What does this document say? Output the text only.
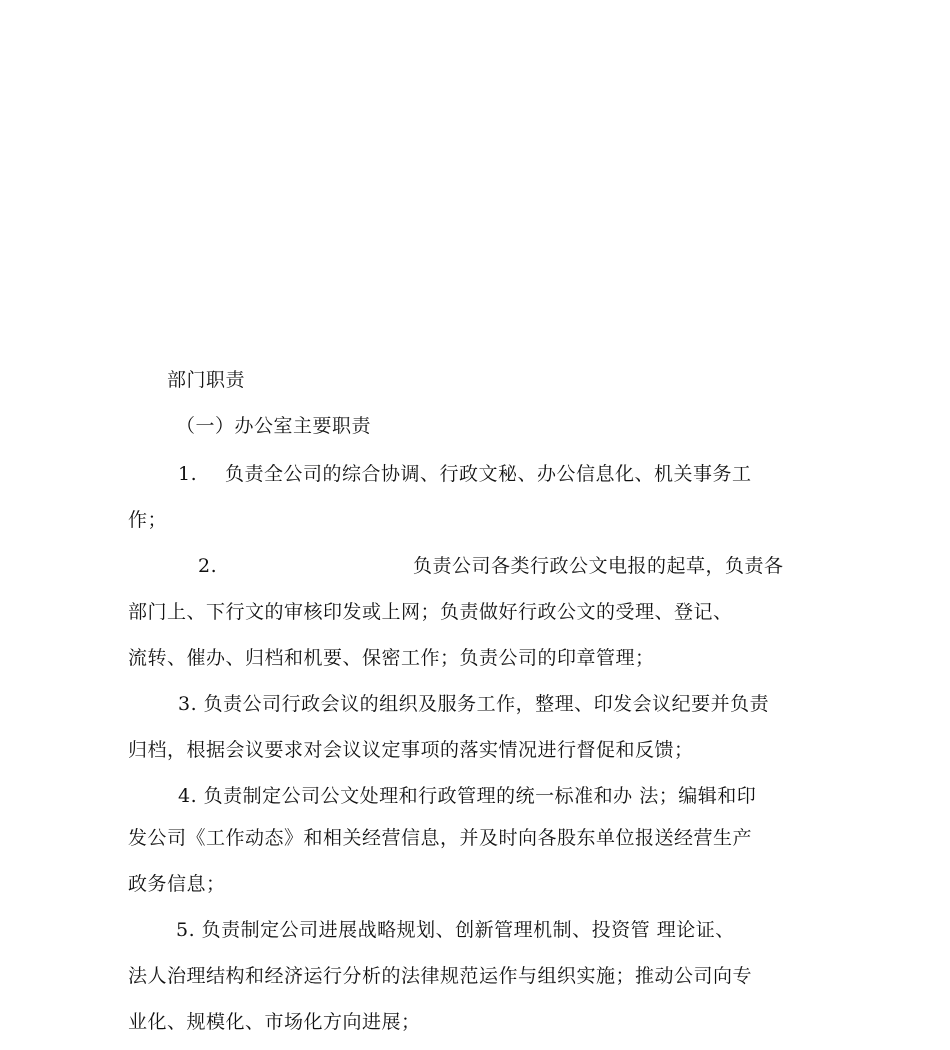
部门职责
（一）办公室主要职责
1. 负责全公司的综合协调、行政文秘、办公信息化、机关事务工
作；
2.	负责公司各类行政公文电报的起草，负责各
部门上、下行文的审核印发或上网；负责做好行政公文的受理、登记、
流转、催办、归档和机要、保密工作；负责公司的印章管理；
3. 负责公司行政会议的组织及服务工作，整理、印发会议纪要并负责
归档，根据会议要求对会议议定事项的落实情况进行督促和反馈；
4. 负责制定公司公文处理和行政管理的统一标准和办 法；编辑和印
发公司《工作动态》和相关经营信息，并及时向各股东单位报送经营生产
政务信息；
5. 负责制定公司进展战略规划、创新管理机制、投资管 理论证、
法人治理结构和经济运行分析的法律规范运作与组织实施；推动公司向专
业化、规模化、市场化方向进展；
